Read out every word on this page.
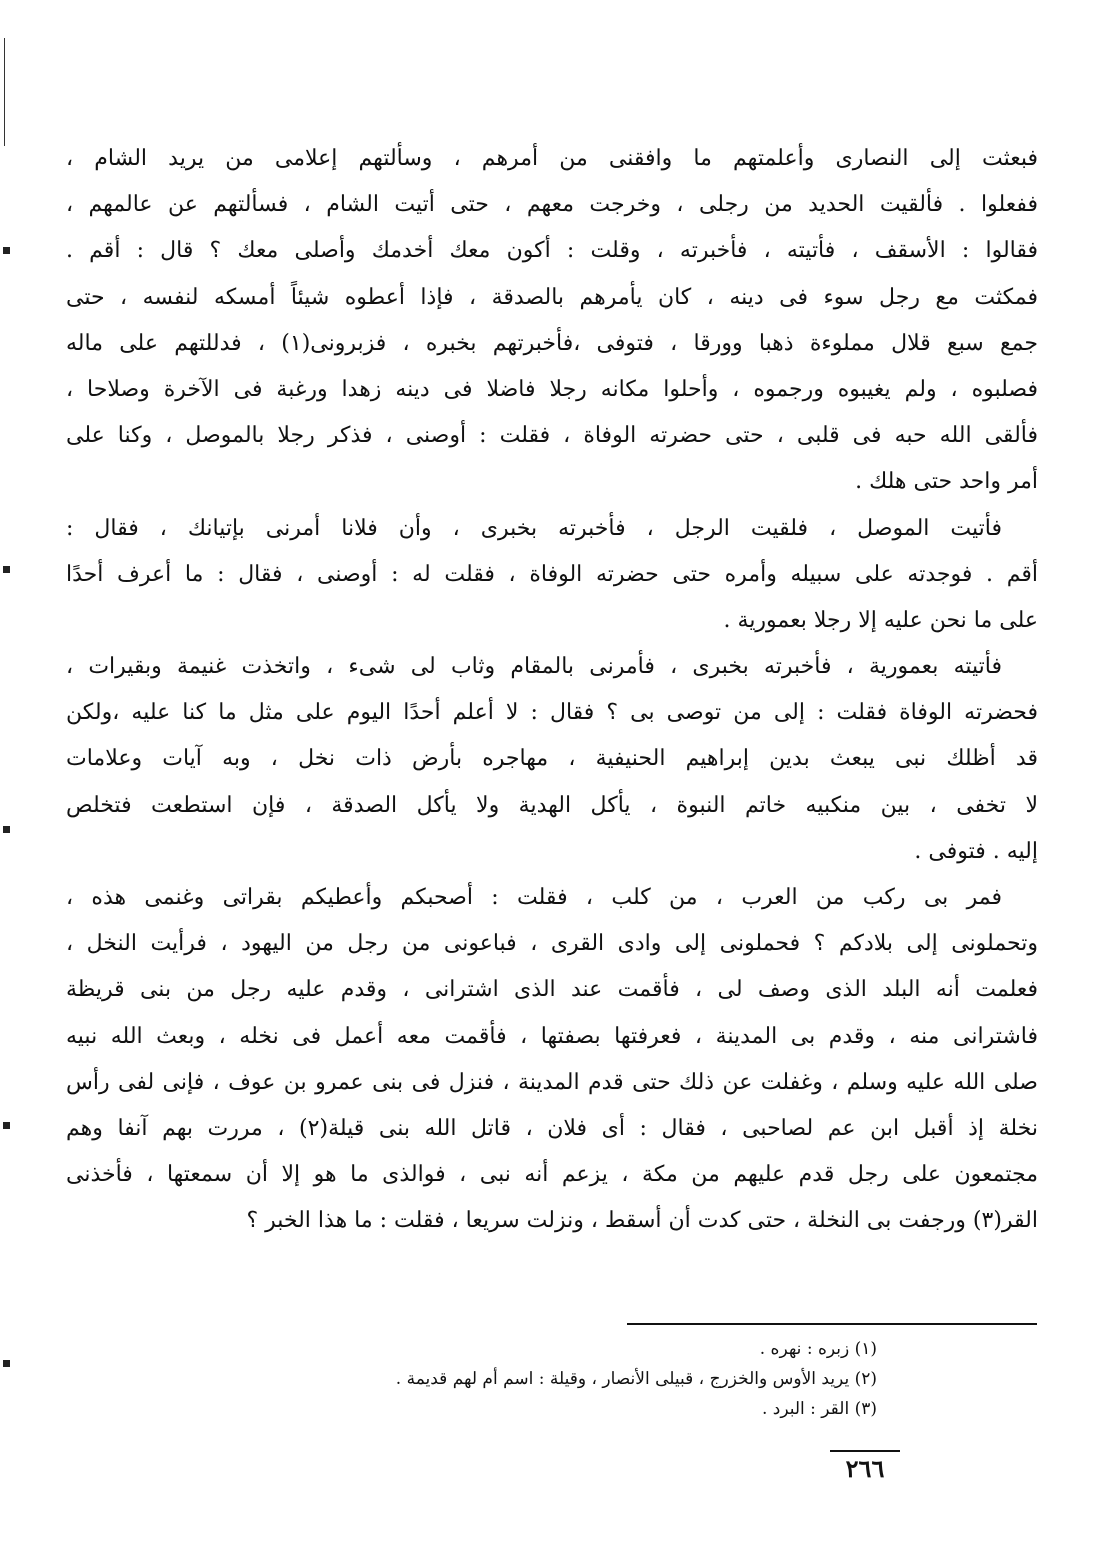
فبعثت إلى النصارى وأعلمتهم ما وافقنى من أمرهم ، وسألتهم إعلامى من يريد الشام ،
ففعلوا . فألقيت الحديد من رجلى ، وخرجت معهم ، حتى أتيت الشام ، فسألتهم عن عالمهم ،
فقالوا : الأسقف ، فأتيته ، فأخبرته ، وقلت : أكون معك أخدمك وأصلى معك ؟ قال : أقم .
فمكثت مع رجل سوء فى دينه ، كان يأمرهم بالصدقة ، فإذا أعطوه شيئاً أمسكه لنفسه ، حتى
جمع سبع قلال مملوءة ذهبا وورقا ، فتوفى ،فأخبرتهم بخبره ، فزبرونى(١) ، فدللتهم على ماله
فصلبوه ، ولم يغيبوه ورجموه ، وأحلوا مكانه رجلا فاضلا فى دينه زهدا ورغبة فى الآخرة وصلاحا ،
فألقى الله حبه فى قلبى ، حتى حضرته الوفاة ، فقلت : أوصنى ، فذكر رجلا بالموصل ، وكنا على
أمر واحد حتى هلك .
فأتيت الموصل ، فلقيت الرجل ، فأخبرته بخبرى ، وأن فلانا أمرنى بإتيانك ، فقال :
أقم . فوجدته على سبيله وأمره حتى حضرته الوفاة ، فقلت له : أوصنى ، فقال : ما أعرف أحدًا
على ما نحن عليه إلا رجلا بعمورية .
فأتيته بعمورية ، فأخبرته بخبرى ، فأمرنى بالمقام وثاب لى شىء ، واتخذت غنيمة وبقيرات ،
فحضرته الوفاة فقلت : إلى من توصى بى ؟ فقال : لا أعلم أحدًا اليوم على مثل ما كنا عليه ،ولكن
قد أظلك نبى يبعث بدين إبراهيم الحنيفية ، مهاجره بأرض ذات نخل ، وبه آيات وعلامات
لا تخفى ، بين منكبيه خاتم النبوة ، يأكل الهدية ولا يأكل الصدقة ، فإن استطعت فتخلص
إليه . فتوفى .
فمر بى ركب من العرب ، من كلب ، فقلت : أصحبكم وأعطيكم بقراتى وغنمى هذه ،
وتحملونى إلى بلادكم ؟ فحملونى إلى وادى القرى ، فباعونى من رجل من اليهود ، فرأيت النخل ،
فعلمت أنه البلد الذى وصف لى ، فأقمت عند الذى اشترانى ، وقدم عليه رجل من بنى قريظة
فاشترانى منه ، وقدم بى المدينة ، فعرفتها بصفتها ، فأقمت معه أعمل فى نخله ، وبعث الله نبيه
صلى الله عليه وسلم ، وغفلت عن ذلك حتى قدم المدينة ، فنزل فى بنى عمرو بن عوف ، فإنى لفى رأس
نخلة إذ أقبل ابن عم لصاحبى ، فقال : أى فلان ، قاتل الله بنى قيلة(٢) ، مررت بهم آنفا وهم
مجتمعون على رجل قدم عليهم من مكة ، يزعم أنه نبى ، فوالذى ما هو إلا أن سمعتها ، فأخذنى
القر(٣) ورجفت بى النخلة ، حتى كدت أن أسقط ، ونزلت سريعا ، فقلت : ما هذا الخبر ؟
(١) زبره : نهره .
(٢) يريد الأوس والخزرج ، قبيلى الأنصار ، وقيلة : اسم أم لهم قديمة .
(٣) القر : البرد .
٢٦٦
